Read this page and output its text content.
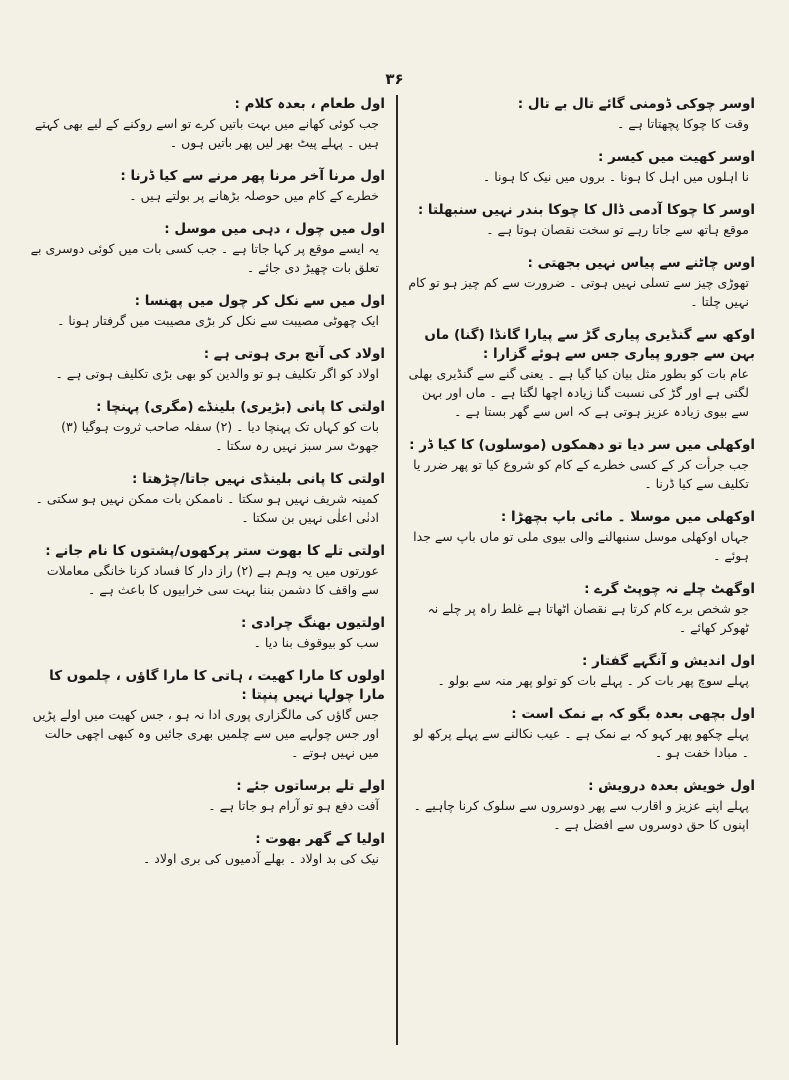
۳۶
اوسر چوکی ڈومنی گائے تال بے تال :
وقت کا چوکا پچھتاتا ہے ۔
اوسر کھیت میں کیسر :
نا اہلوں میں اہل کا ہونا ۔ بروں میں نیک کا ہونا ۔
اوسر کا چوکا آدمی ڈال کا چوکا بندر نہیں سنبھلتا :
موقع ہاتھ سے جاتا رہے تو سخت نقصان ہوتا ہے ۔
اوس چاٹنے سے پیاس نہیں بجھتی :
تھوڑی چیز سے تسلی نہیں ہوتی ۔ ضرورت سے کم چیز ہو تو کام نہیں چلتا ۔
اوکھ سے گنڈیری پیاری گڑ سے پیارا گانڈا (گنا) ماں بہن سے جورو پیاری جس سے ہوئے گزارا :
عام بات کو بطور مثل بیان کیا گیا ہے ۔ یعنی گنے سے گنڈیری بھلی لگتی ہے اور گڑ کی نسبت گنا زیادہ اچھا لگتا ہے ۔ ماں اور بہن سے بیوی زیادہ عزیز ہوتی ہے کہ اس سے گھر بستا ہے ۔
اوکھلی میں سر دیا تو دھمکوں (موسلوں) کا کیا ڈر :
جب جرأت کر کے کسی خطرے کے کام کو شروع کیا تو پھر ضرر یا تکلیف سے کیا ڈرنا ۔
اوکھلی میں موسلا ۔ مائی باپ بچھڑا :
جہاں اوکھلی موسل سنبھالنے والی بیوی ملی تو ماں باپ سے جدا ہوئے ۔
اوگھٹ چلے نہ چوپٹ گرے :
جو شخص برے کام کرتا ہے نقصان اٹھاتا ہے غلط راہ پر چلے نہ ٹھوکر کھائے ۔
اول اندیش و آنگہے گفتار :
پہلے سوچ پھر بات کر ۔ پہلے بات کو تولو پھر منہ سے بولو ۔
اول بچھی بعدہ بگو کہ بے نمک است :
پہلے چکھو پھر کہو کہ بے نمک ہے ۔ عیب نکالنے سے پہلے پرکھ لو ۔ مبادا خفت ہو ۔
اول خویش بعدہ درویش :
پہلے اپنے عزیز و اقارب سے پھر دوسروں سے سلوک کرنا چاہیے ۔ اپنوں کا حق دوسروں سے افضل ہے ۔
اول طعام ، بعدہ کلام :
جب کوئی کھانے میں بہت باتیں کرے تو اسے روکنے کے لیے بھی کہتے ہیں ۔ پہلے پیٹ بھر لیں پھر باتیں ہوں ۔
اول مرنا آخر مرنا پھر مرنے سے کیا ڈرنا :
خطرے کے کام میں حوصلہ بڑھانے پر بولتے ہیں ۔
اول میں چول ، دہی میں موسل :
یہ ایسے موقع پر کہا جاتا ہے ۔ جب کسی بات میں کوئی دوسری بے تعلق بات چھیڑ دی جائے ۔
اول میں سے نکل کر چول میں پھنسا :
ایک چھوٹی مصیبت سے نکل کر بڑی مصیبت میں گرفتار ہونا ۔
اولاد کی آنچ بری ہوتی ہے :
اولاد کو اگر تکلیف ہو تو والدین کو بھی بڑی تکلیف ہوتی ہے ۔
اولتی کا پانی (بڑیری) بلینڈے (مگری) پہنچا :
بات کو کہاں تک پہنچا دیا ۔ (۲) سفلہ صاحب ثروت ہوگیا (۳) جھوٹ سر سبز نہیں رہ سکتا ۔
اولتی کا پانی بلینڈی نہیں جاتا/چڑھتا :
کمینہ شریف نہیں ہو سکتا ۔ ناممکن بات ممکن نہیں ہو سکتی ۔ ادنٰی اعلٰی نہیں بن سکتا ۔
اولتی تلے کا بھوت ستر پرکھوں/پشتوں کا نام جانے :
عورتوں میں یہ وہم ہے (۲) راز دار کا فساد کرنا خانگی معاملات سے واقف کا دشمن بننا بہت سی خرابیوں کا باعث ہے ۔
اولتیوں بھنگ چرادی :
سب کو بیوقوف بنا دیا ۔
اولوں کا مارا کھیت ، ہاتی کا مارا گاؤں ، چلموں کا مارا چولہا نہیں پنپتا :
جس گاؤں کی مالگزاری پوری ادا نہ ہو ، جس کھیت میں اولے پڑیں اور جس چولہے میں سے چلمیں بھری جائیں وہ کبھی اچھی حالت میں نہیں ہوتے ۔
اولے تلے برساتوں جئے :
آفت دفع ہو تو آرام ہو جاتا ہے ۔
اولیا کے گھر بھوت :
نیک کی بد اولاد ۔ بھلے آدمیوں کی بری اولاد ۔
